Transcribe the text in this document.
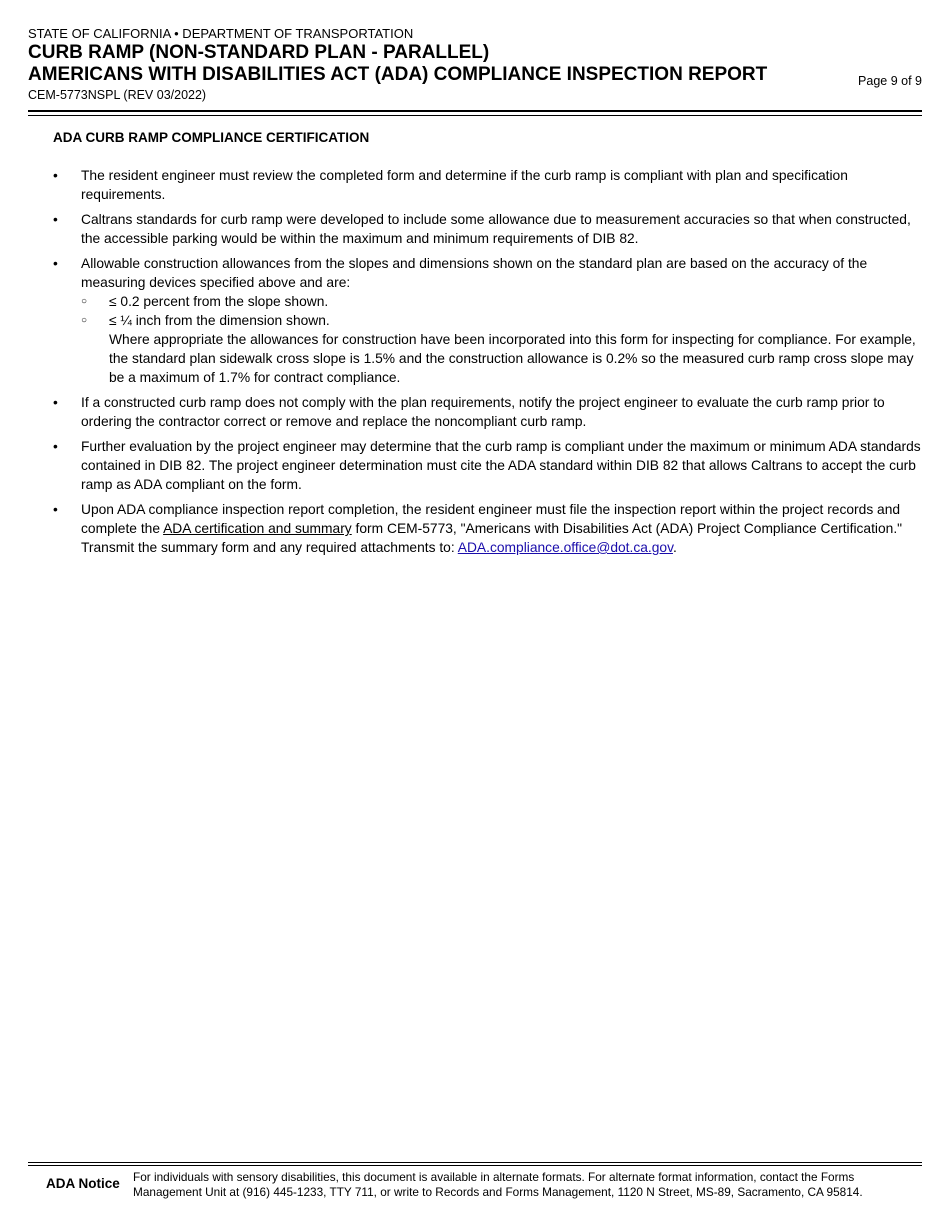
STATE OF CALIFORNIA • DEPARTMENT OF TRANSPORTATION
CURB RAMP (NON-STANDARD PLAN - PARALLEL)
AMERICANS WITH DISABILITIES ACT (ADA) COMPLIANCE INSPECTION REPORT
CEM-5773NSPL (REV 03/2022)
Page 9 of 9
ADA CURB RAMP COMPLIANCE CERTIFICATION
• The resident engineer must review the completed form and determine if the curb ramp is compliant with plan and specification requirements.

• Caltrans standards for curb ramp were developed to include some allowance due to measurement accuracies so that when constructed, the accessible parking would be within the maximum and minimum requirements of DIB 82.

• Allowable construction allowances from the slopes and dimensions shown on the standard plan are based on the accuracy of the measuring devices specified above and are:

○ ≤ 0.2 percent from the slope shown.
○ ≤ ¼ inch from the dimension shown.
Where appropriate the allowances for construction have been incorporated into this form for inspecting for compliance. For example, the standard plan sidewalk cross slope is 1.5% and the construction allowance is 0.2% so the measured curb ramp cross slope may be a maximum of 1.7% for contract compliance.
• If a constructed curb ramp does not comply with the plan requirements, notify the project engineer to evaluate the curb ramp prior to ordering the contractor correct or remove and replace the noncompliant curb ramp.

• Further evaluation by the project engineer may determine that the curb ramp is compliant under the maximum or minimum ADA standards contained in DIB 82. The project engineer determination must cite the ADA standard within DIB 82 that allows Caltrans to accept the curb ramp as ADA compliant on the form.

• Upon ADA compliance inspection report completion, the resident engineer must file the inspection report within the project records and complete the ADA certification and summary form CEM-5773, "Americans with Disabilities Act (ADA) Project Compliance Certification." Transmit the summary form and any required attachments to: ADA.compliance.office@dot.ca.gov.

ADA Notice For individuals with sensory disabilities, this document is available in alternate formats. For alternate format information, contact the Forms Management Unit at (916) 445-1233, TTY 711, or write to Records and Forms Management, 1120 N Street, MS-89, Sacramento, CA 95814.
